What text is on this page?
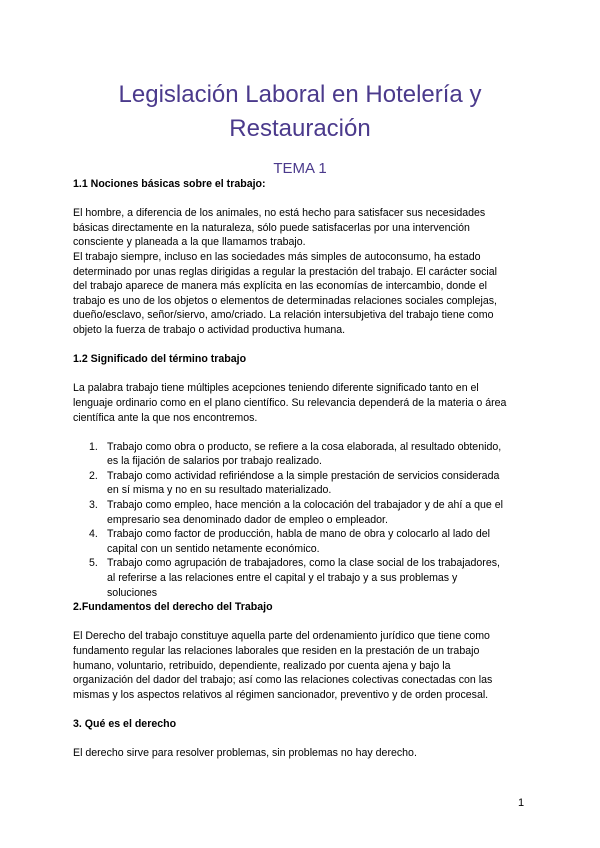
Legislación Laboral en Hotelería y
Restauración

TEMA 1

1.1 Nociones básicas sobre el trabajo:

El hombre, a diferencia de los animales, no está hecho para satisfacer sus necesidades
básicas directamente en la naturaleza, sólo puede satisfacerlas por una intervención
consciente y planeada a la que llamamos trabajo.

El trabajo siempre, incluso en las sociedades más simples de autoconsumo, ha estado
determinado por unas reglas dirigidas a regular la prestación del trabajo. El carácter social
del trabajo aparece de manera más explícita en las economías de intercambio, donde el
trabajo es uno de los objetos o elementos de determinadas relaciones sociales complejas,
dueño/esclavo, señor/siervo, amo/criado. La relación intersubjetiva del trabajo tiene como
objeto la fuerza de trabajo o actividad productiva humana.

1.2 Significado del término trabajo

La palabra trabajo tiene múltiples acepciones teniendo diferente significado tanto en el
lenguaje ordinario como en el plano científico. Su relevancia dependerá de la materia o área
científica ante la que nos encontremos.

1. Trabajo como obra o producto, se refiere a la cosa elaborada, al resultado obtenido,
es la fijación de salarios por trabajo realizado.
2. Trabajo como actividad refiriéndose a la simple prestación de servicios considerada
en sí misma y no en su resultado materializado.
3. Trabajo como empleo, hace mención a la colocación del trabajador y de ahí a que el
empresario sea denominado dador de empleo o empleador.
4. Trabajo como factor de producción, habla de mano de obra y colocarlo al lado del
capital con un sentido netamente económico.
5. Trabajo como agrupación de trabajadores, como la clase social de los trabajadores,
al referirse a las relaciones entre el capital y el trabajo y a sus problemas y
soluciones

2.Fundamentos del derecho del Trabajo

El Derecho del trabajo constituye aquella parte del ordenamiento jurídico que tiene como
fundamento regular las relaciones laborales que residen en la prestación de un trabajo
humano, voluntario, retribuido, dependiente, realizado por cuenta ajena y bajo la
organización del dador del trabajo; así como las relaciones colectivas conectadas con las
mismas y los aspectos relativos al régimen sancionador, preventivo y de orden procesal.

3. Qué es el derecho

El derecho sirve para resolver problemas, sin problemas no hay derecho.

1
